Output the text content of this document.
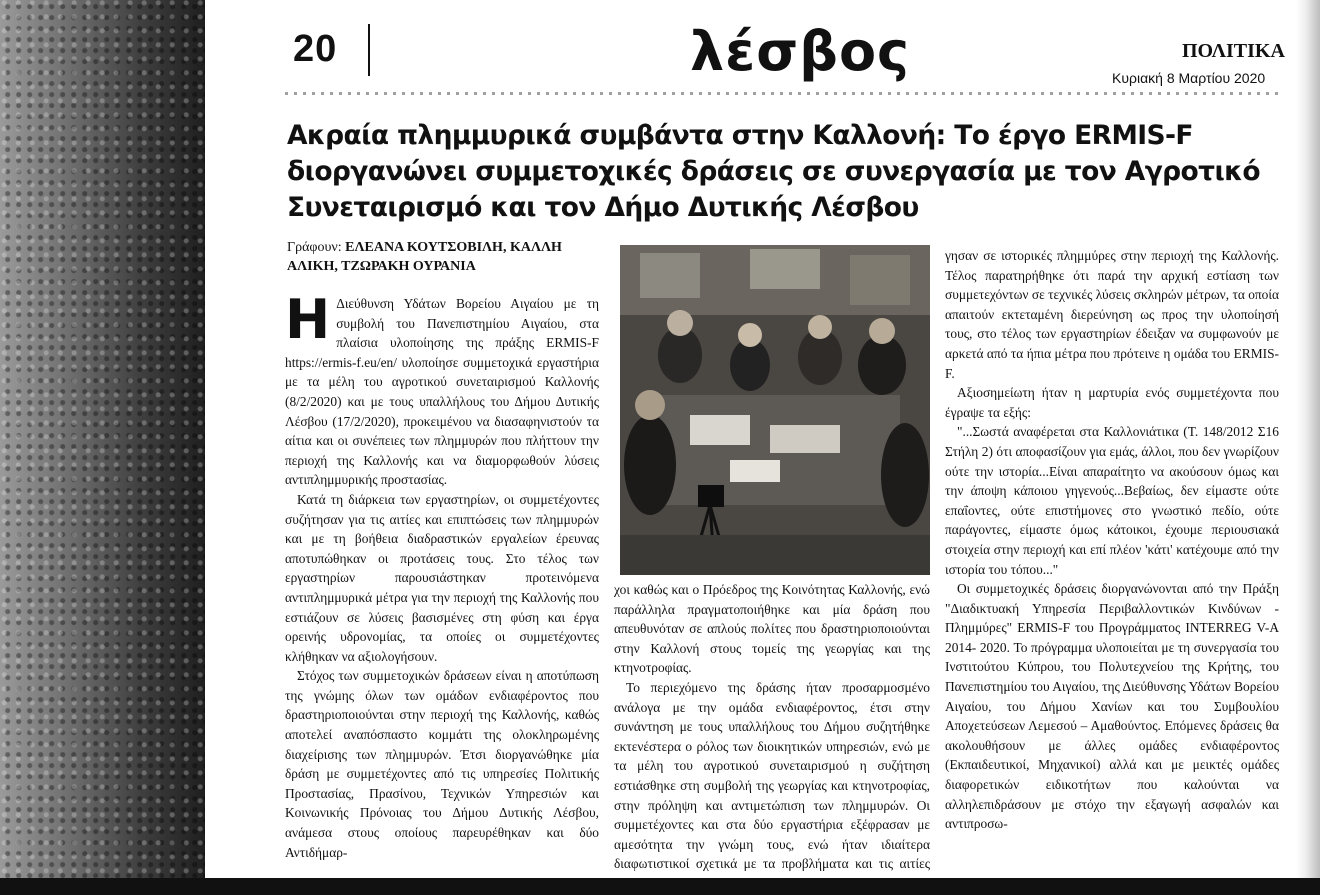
20	λέσβος	ΠΟΛΙΤΙΚΑ
Κυριακή 8 Μαρτίου 2020
Ακραία πλημμυρικά συμβάντα στην Καλλονή: Το έργο ERMIS-F διοργανώνει συμμετοχικές δράσεις σε συνεργασία με τον Αγροτικό Συνεταιρισμό και τον Δήμο Δυτικής Λέσβου
Γράφουν: ΕΛΕΑΝΑ ΚΟΥΤΣΟΒΙΛΗ, ΚΑΛΛΗ ΑΛΙΚΗ, ΤΖΩΡΑΚΗ ΟΥΡΑΝΙΑ

Η Διεύθυνση Υδάτων Βορείου Αιγαίου με τη συμβολή του Πανεπιστημίου Αιγαίου, στα πλαίσια υλοποίησης της πράξης ERMIS-F https://ermis-f.eu/en/ υλοποίησε συμμετοχικά εργαστήρια με τα μέλη του αγροτικού συνεταιρισμού Καλλονής (8/2/2020) και με τους υπαλλήλους του Δήμου Δυτικής Λέσβου (17/2/2020), προκειμένου να διασαφηνιστούν τα αίτια και οι συνέπειες των πλημμυρών που πλήττουν την περιοχή της Καλλονής και να διαμορφωθούν λύσεις αντιπλημμυρικής προστασίας.

Κατά τη διάρκεια των εργαστηρίων, οι συμμετέχοντες συζήτησαν για τις αιτίες και επιπτώσεις των πλημμυρών και με τη βοήθεια διαδραστικών εργαλείων έρευνας αποτυπώθηκαν οι προτάσεις τους. Στο τέλος των εργαστηρίων παρουσιάστηκαν προτεινόμενα αντιπλημμυρικά μέτρα για την περιοχή της Καλλονής που εστιάζουν σε λύσεις βασισμένες στη φύση και έργα ορεινής υδρονομίας, τα οποίες οι συμμετέχοντες κλήθηκαν να αξιολογήσουν.

Στόχος των συμμετοχικών δράσεων είναι η αποτύπωση της γνώμης όλων των ομάδων ενδιαφέροντος που δραστηριοποιούνται στην περιοχή της Καλλονής, καθώς αποτελεί αναπόσπαστο κομμάτι της ολοκληρωμένης διαχείρισης των πλημμυρών. Έτσι διοργανώθηκε μία δράση με συμμετέχοντες από τις υπηρεσίες Πολιτικής Προστασίας, Πρασίνου, Τεχνικών Υπηρεσιών και Κοινωνικής Πρόνοιας του Δήμου Δυτικής Λέσβου, ανάμεσα στους οποίους παρευρέθηκαν και δύο Αντιδήμαρ-

χοι καθώς και ο Πρόεδρος της Κοινότητας Καλλονής, ενώ παράλληλα πραγματοποιήθηκε και μία δράση που απευθυνόταν σε απλούς πολίτες που δραστηριοποιούνται στην Καλλονή στους τομείς της γεωργίας και της κτηνοτροφίας.

Το περιεχόμενο της δράσης ήταν προσαρμοσμένο ανάλογα με την ομάδα ενδιαφέροντος, έτσι στην συνάντηση με τους υπαλλήλους του Δήμου συζητήθηκε εκτενέστερα ο ρόλος των διοικητικών υπηρεσιών, ενώ με τα μέλη του αγροτικού συνεταιρισμού η συζήτηση εστιάσθηκε στη συμβολή της γεωργίας και κτηνοτροφίας, στην πρόληψη και αντιμετώπιση των πλημμυρών. Οι συμμετέχοντες και στα δύο εργαστήρια εξέφρασαν με αμεσότητα την γνώμη τους, ενώ ήταν ιδιαίτερα διαφωτιστικοί σχετικά με τα προβλήματα και τις αιτίες

γησαν σε ιστορικές πλημμύρες στην περιοχή της Καλλονής. Τέλος παρατηρήθηκε ότι παρά την αρχική εστίαση των συμμετεχόντων σε τεχνικές λύσεις σκληρών μέτρων, τα οποία απαιτούν εκτεταμένη διερεύνηση ως προς την υλοποίησή τους, στο τέλος των εργαστηρίων έδειξαν να συμφωνούν με αρκετά από τα ήπια μέτρα που πρότεινε η ομάδα του ERMIS-F.

Αξιοσημείωτη ήταν η μαρτυρία ενός συμμετέχοντα που έγραψε τα εξής:

"...Σωστά αναφέρεται στα Καλλονιάτικα (Τ. 148/2012 Σ16 Στήλη 2) ότι αποφασίζουν για εμάς, άλλοι, που δεν γνωρίζουν ούτε την ιστορία...Είναι απαραίτητο να ακούσουν όμως και την άποψη κάποιου γηγενούς...Βεβαίως, δεν είμαστε ούτε επαΐοντες, ούτε επιστήμονες στο γνωστικό πεδίο, ούτε παράγοντες, είμαστε όμως κάτοικοι, έχουμε περιουσιακά στοιχεία στην περιοχή και επί πλέον 'κάτι' κατέχουμε από την ιστορία του τόπου..."

Οι συμμετοχικές δράσεις διοργανώνονται από την Πράξη "Διαδικτυακή Υπηρεσία Περιβαλλοντικών Κινδύνων - Πλημμύρες" ERMIS-F του Προγράμματος INTERREG V-A 2014- 2020. Το πρόγραμμα υλοποιείται με τη συνεργασία του Ινστιτούτου Κύπρου, του Πολυτεχνείου της Κρήτης, του Πανεπιστημίου του Αιγαίου, της Διεύθυνσης Υδάτων Βορείου Αιγαίου, του Δήμου Χανίων και του Συμβουλίου Αποχετεύσεων Λεμεσού – Αμαθούντος. Επόμενες δράσεις θα ακολουθήσουν με άλλες ομάδες ενδιαφέροντος (Εκπαιδευτικοί, Μηχανικοί) αλλά και με μεικτές ομάδες διαφορετικών ειδικοτήτων που καλούνται να αλληλεπιδράσουν με στόχο την εξαγωγή ασφαλών και αντιπροσω-
